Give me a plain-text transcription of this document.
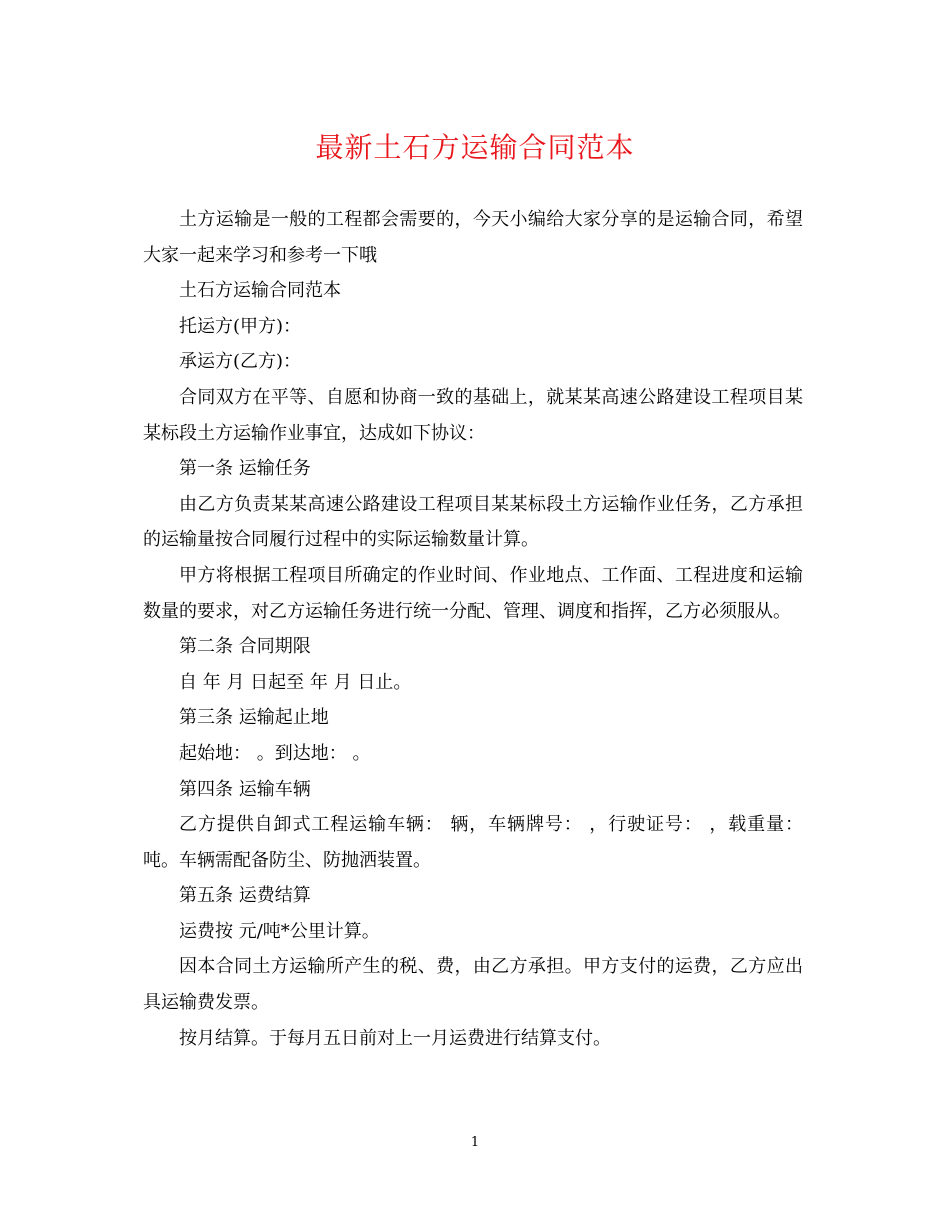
最新土石方运输合同范本

土方运输是一般的工程都会需要的，今天小编给大家分享的是运输合同，希望大家一起来学习和参考一下哦

土石方运输合同范本

托运方(甲方)：

承运方(乙方)：

合同双方在平等、自愿和协商一致的基础上，就某某高速公路建设工程项目某某标段土方运输作业事宜，达成如下协议：

第一条 运输任务

由乙方负责某某高速公路建设工程项目某某标段土方运输作业任务，乙方承担的运输量按合同履行过程中的实际运输数量计算。

甲方将根据工程项目所确定的作业时间、作业地点、工作面、工程进度和运输数量的要求，对乙方运输任务进行统一分配、管理、调度和指挥，乙方必须服从。

第二条 合同期限

自 年 月 日起至 年 月 日止。

第三条 运输起止地

起始地： 。到达地： 。

第四条 运输车辆

乙方提供自卸式工程运输车辆： 辆，车辆牌号： ，行驶证号： ，载重量： 吨。车辆需配备防尘、防抛洒装置。

第五条 运费结算

运费按 元/吨*公里计算。

因本合同土方运输所产生的税、费，由乙方承担。甲方支付的运费，乙方应出具运输费发票。

按月结算。于每月五日前对上一月运费进行结算支付。

1
